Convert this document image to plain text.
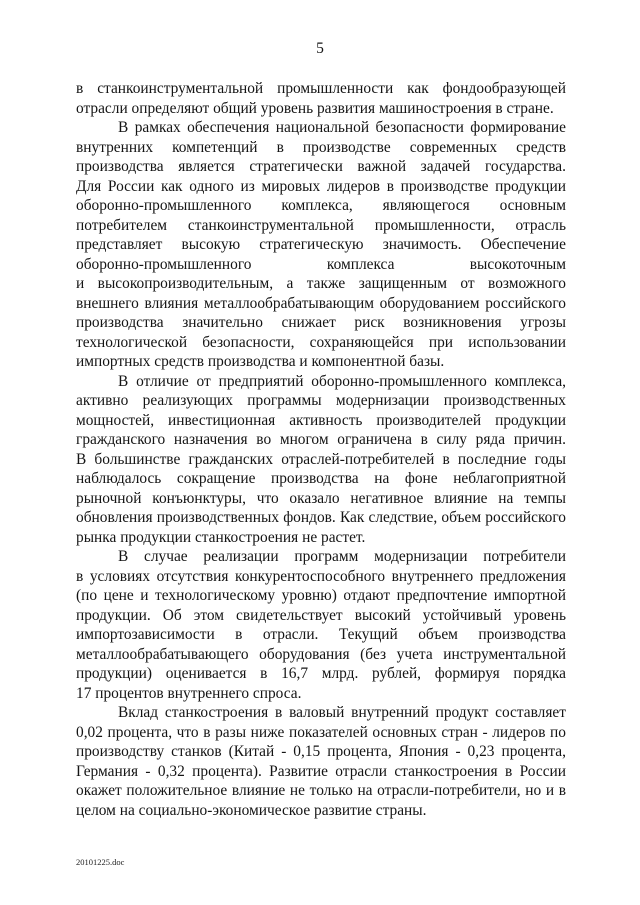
5
в станкоинструментальной промышленности как фондообразующей
отрасли определяют общий уровень развития машиностроения в стране.
В рамках обеспечения национальной безопасности формирование
внутренних компетенций в производстве современных средств
производства является стратегически важной задачей государства.
Для России как одного из мировых лидеров в производстве продукции
оборонно-промышленного комплекса, являющегося основным
потребителем станкоинструментальной промышленности, отрасль
представляет высокую стратегическую значимость. Обеспечение
оборонно-промышленного комплекса высокоточным
и высокопроизводительным, а также защищенным от возможного
внешнего влияния металлообрабатывающим оборудованием российского
производства значительно снижает риск возникновения угрозы
технологической безопасности, сохраняющейся при использовании
импортных средств производства и компонентной базы.
В отличие от предприятий оборонно-промышленного комплекса,
активно реализующих программы модернизации производственных
мощностей, инвестиционная активность производителей продукции
гражданского назначения во многом ограничена в силу ряда причин.
В большинстве гражданских отраслей-потребителей в последние годы
наблюдалось сокращение производства на фоне неблагоприятной
рыночной конъюнктуры, что оказало негативное влияние на темпы
обновления производственных фондов. Как следствие, объем российского
рынка продукции станкостроения не растет.
В случае реализации программ модернизации потребители
в условиях отсутствия конкурентоспособного внутреннего предложения
(по цене и технологическому уровню) отдают предпочтение импортной
продукции. Об этом свидетельствует высокий устойчивый уровень
импортозависимости в отрасли. Текущий объем производства
металлообрабатывающего оборудования (без учета инструментальной
продукции) оценивается в 16,7 млрд. рублей, формируя порядка
17 процентов внутреннего спроса.
Вклад станкостроения в валовый внутренний продукт составляет
0,02 процента, что в разы ниже показателей основных стран - лидеров по
производству станков (Китай - 0,15 процента, Япония - 0,23 процента,
Германия - 0,32 процента). Развитие отрасли станкостроения в России
окажет положительное влияние не только на отрасли-потребители, но и в
целом на социально-экономическое развитие страны.
20101225.doc
